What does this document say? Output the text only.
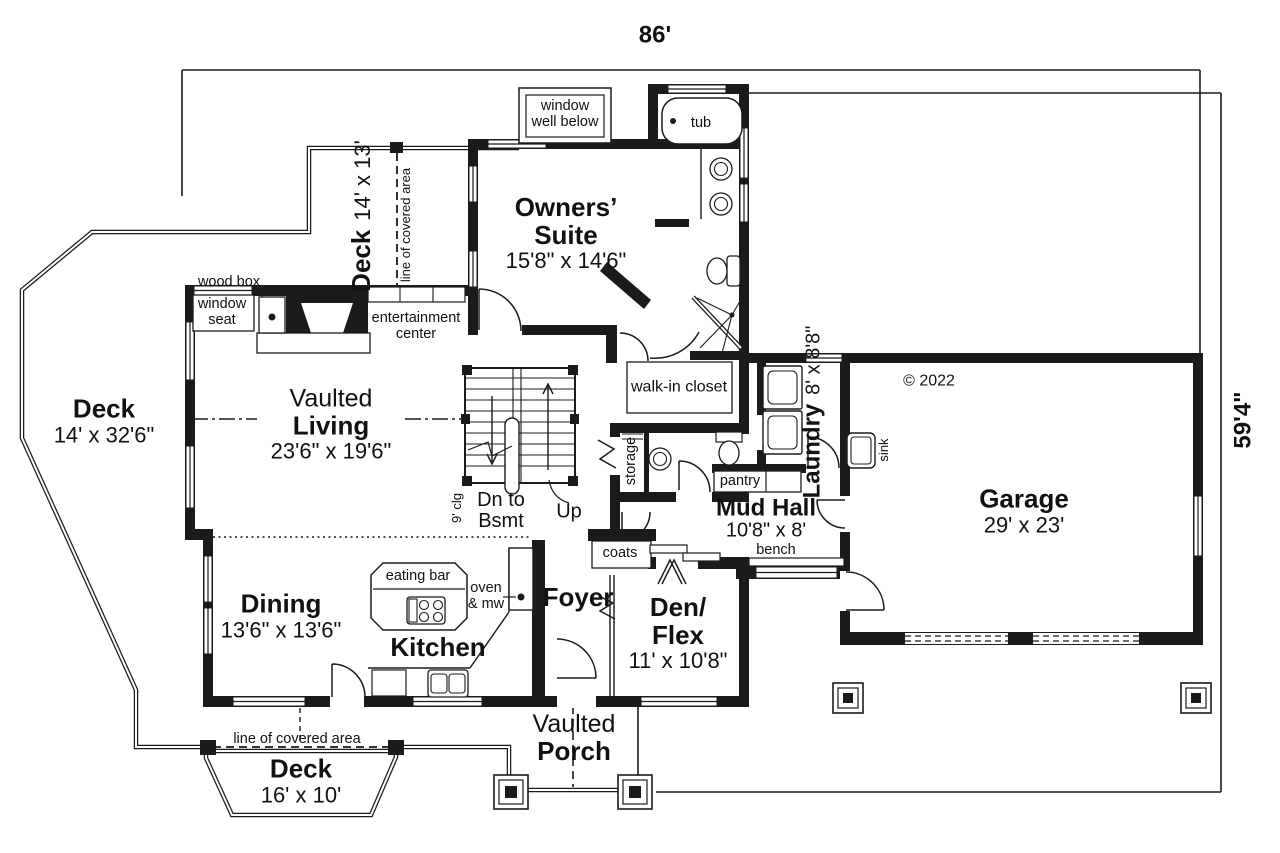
86'
59'4"
window
well below	tub
Deck  14' x 13' line of covered area	Owners’
Suite
15'8" x 14'6"
wood box
window
seat	entertainment
center
Deck
14' x 32'6"
Vaulted
Living
23'6" x 19'6"
walk-in closet
Laundry  8' x 8'8"
sink
© 2022
9' clg
storage
Dn to
Bsmt Up
pantry
Mud Hall
10'8" x 8'
Garage
29' x 23'
coats	bench
Dining
13'6" x 13'6"
eating bar
oven
& mw
Kitchen
Foyer	Den/
Flex
11' x 10'8"
Vaulted
Porch
line of covered area
Deck
16' x 10'
